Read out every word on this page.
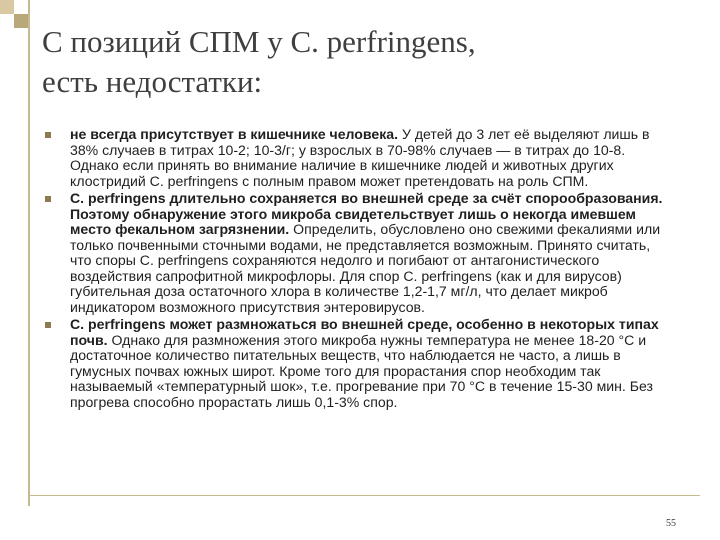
С позиций СПМ у C. perfringens,
есть недостатки:
не всегда присутствует в кишечнике человека. У детей до 3 лет её выделяют лишь в 38% случаев в титрах 10-2; 10-3/г; у взрослых в 70-98% случаев — в титрах до 10-8. Однако если принять во внимание наличие в кишечнике людей и животных других клостридий C. perfringens с полным правом может претендовать на роль СПМ.
C. perfringens длительно сохраняется во внешней среде за счёт спорообразования. Поэтому обнаружение этого микроба свидетельствует лишь о некогда имевшем место фекальном загрязнении. Определить, обусловлено оно свежими фекалиями или только почвенными сточными водами, не представляется возможным. Принято считать, что споры C. perfringens сохраняются недолго и погибают от антагонистического воздействия сапрофитной микрофлоры. Для спор C. perfringens (как и для вирусов) губительная доза остаточного хлора в количестве 1,2-1,7 мг/л, что делает микроб индикатором возможного присутствия энтеровирусов.
C. perfringens может размножаться во внешней среде, особенно в некоторых типах почв. Однако для размножения этого микроба нужны температура не менее 18-20 °С и достаточное количество питательных веществ, что наблюдается не часто, а лишь в гумусных почвах южных широт. Кроме того для прорастания спор необходим так называемый «температурный шок», т.е. прогревание при 70 °С в течение 15-30 мин. Без прогрева способно прорастать лишь 0,1-3% спор.
55
